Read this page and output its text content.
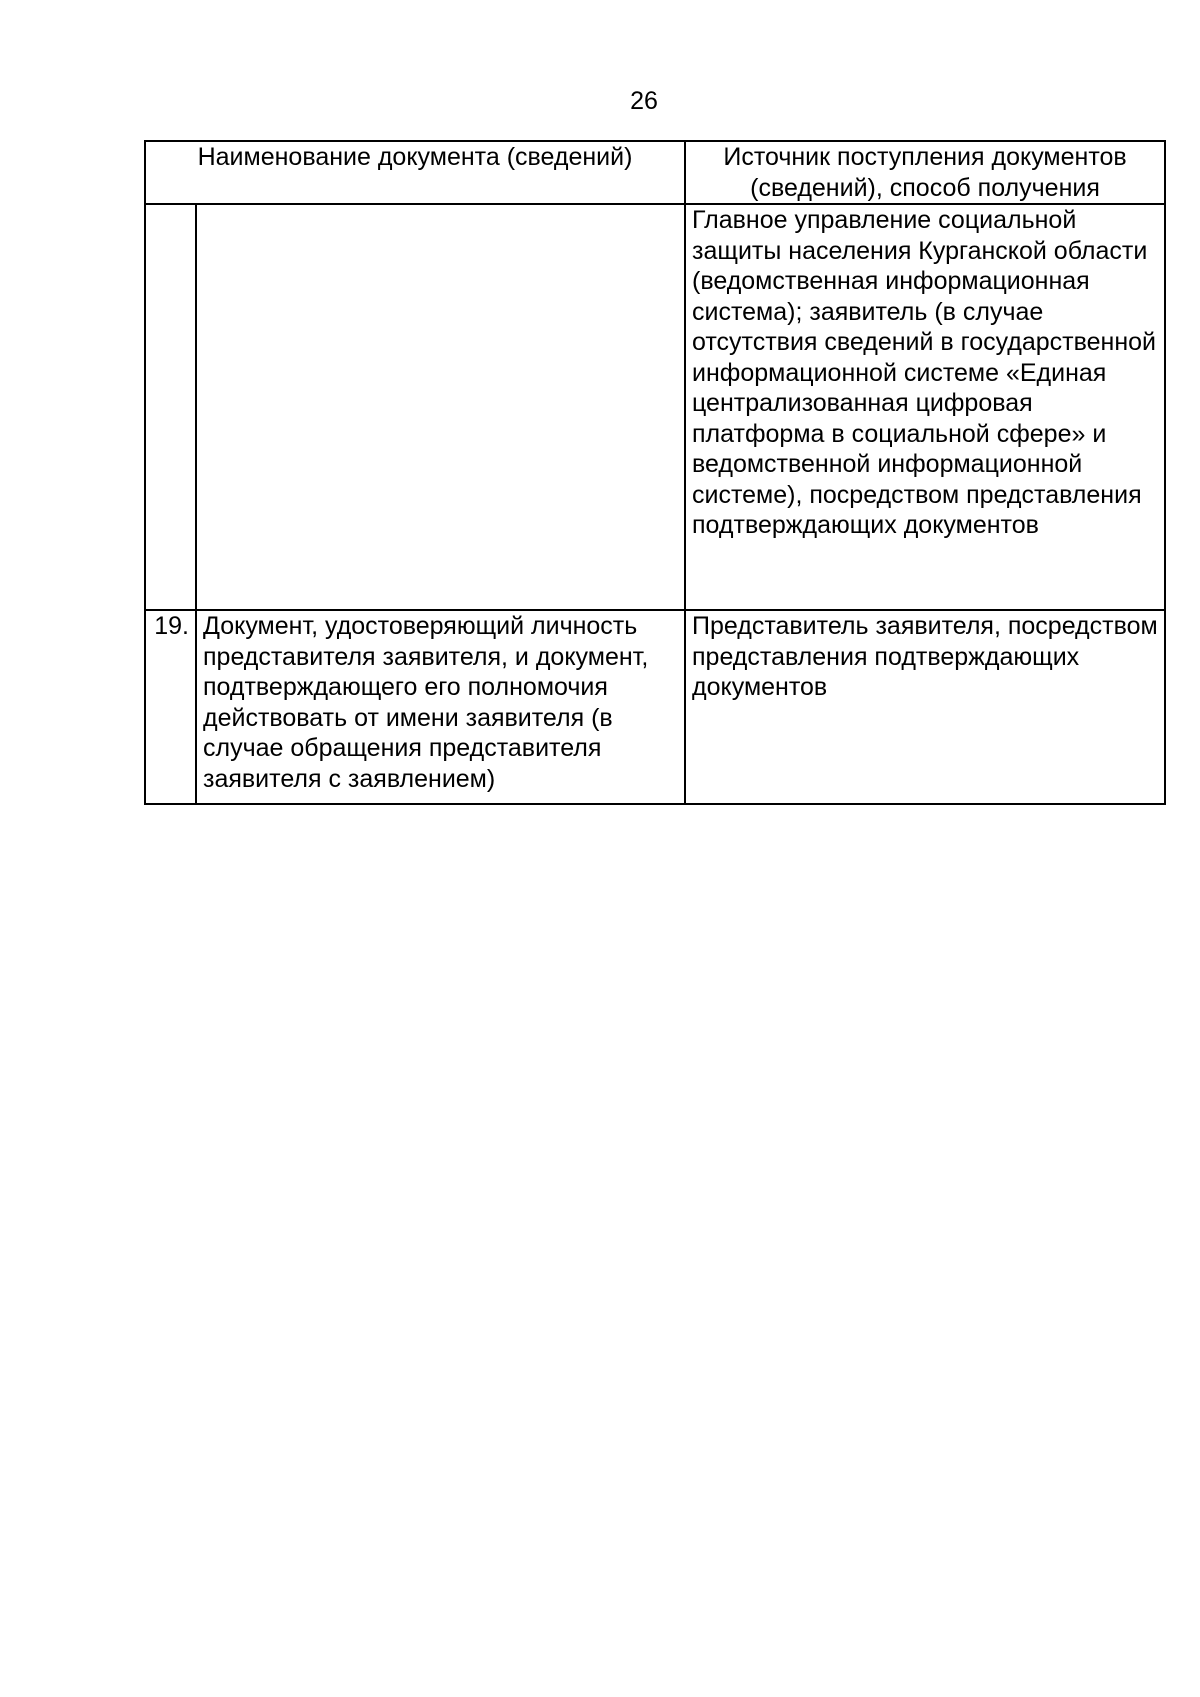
26
Наименование документа (сведений)		Источник поступления документов (сведений), способ получения
		Главное управление социальной защиты населения Курганской области (ведомственная информационная система); заявитель (в случае отсутствия сведений в государственной информационной системе «Единая централизованная цифровая платформа в социальной сфере» и ведомственной информационной системе), посредством представления подтверждающих документов
19.	Документ, удостоверяющий личность представителя заявителя, и документ, подтверждающего его полномочия действовать от имени заявителя (в случае обращения представителя заявителя с заявлением)	Представитель заявителя, посредством представления подтверждающих документов
